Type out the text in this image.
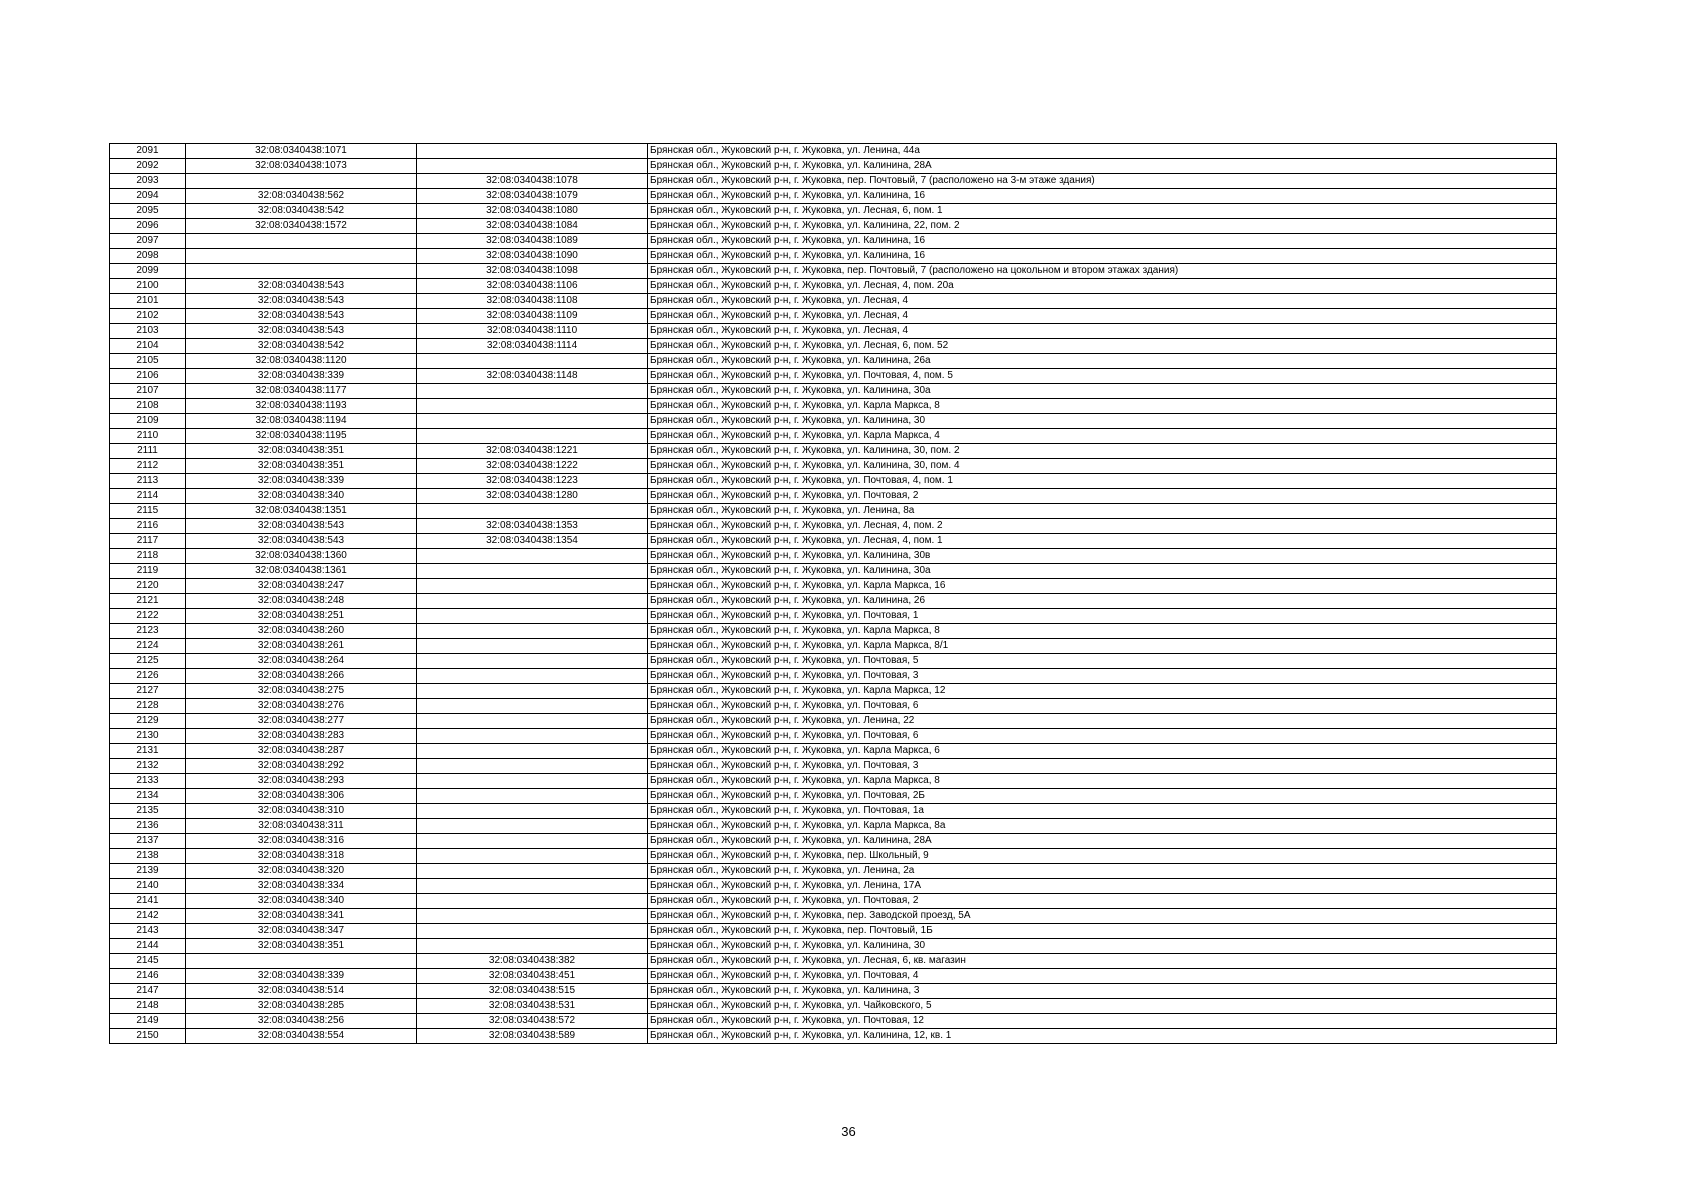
2091	32:08:0340438:1071		Брянская обл., Жуковский р-н, г. Жуковка, ул. Ленина, 44а
2092	32:08:0340438:1073		Брянская обл., Жуковский р-н, г. Жуковка, ул. Калинина, 28А
2093		32:08:0340438:1078	Брянская обл., Жуковский р-н, г. Жуковка, пер. Почтовый, 7 (расположено на 3-м этаже здания)
2094	32:08:0340438:562	32:08:0340438:1079	Брянская обл., Жуковский р-н, г. Жуковка, ул. Калинина, 16
2095	32:08:0340438:542	32:08:0340438:1080	Брянская обл., Жуковский р-н, г. Жуковка, ул. Лесная, 6, пом. 1
2096	32:08:0340438:1572	32:08:0340438:1084	Брянская обл., Жуковский р-н, г. Жуковка, ул. Калинина, 22, пом. 2
2097		32:08:0340438:1089	Брянская обл., Жуковский р-н, г. Жуковка, ул. Калинина, 16
2098		32:08:0340438:1090	Брянская обл., Жуковский р-н, г. Жуковка, ул. Калинина, 16
2099		32:08:0340438:1098	Брянская обл., Жуковский р-н, г. Жуковка, пер. Почтовый, 7 (расположено на цокольном и втором этажах здания)
2100	32:08:0340438:543	32:08:0340438:1106	Брянская обл., Жуковский р-н, г. Жуковка, ул. Лесная, 4, пом. 20а
2101	32:08:0340438:543	32:08:0340438:1108	Брянская обл., Жуковский р-н, г. Жуковка, ул. Лесная, 4
2102	32:08:0340438:543	32:08:0340438:1109	Брянская обл., Жуковский р-н, г. Жуковка, ул. Лесная, 4
2103	32:08:0340438:543	32:08:0340438:1110	Брянская обл., Жуковский р-н, г. Жуковка, ул. Лесная, 4
2104	32:08:0340438:542	32:08:0340438:1114	Брянская обл., Жуковский р-н, г. Жуковка, ул. Лесная, 6, пом. 52
2105	32:08:0340438:1120		Брянская обл., Жуковский р-н, г. Жуковка, ул. Калинина, 26а
2106	32:08:0340438:339	32:08:0340438:1148	Брянская обл., Жуковский р-н, г. Жуковка, ул. Почтовая, 4, пом. 5
2107	32:08:0340438:1177		Брянская обл., Жуковский р-н, г. Жуковка, ул. Калинина, 30а
2108	32:08:0340438:1193		Брянская обл., Жуковский р-н, г. Жуковка, ул. Карла Маркса, 8
2109	32:08:0340438:1194		Брянская обл., Жуковский р-н, г. Жуковка, ул. Калинина, 30
2110	32:08:0340438:1195		Брянская обл., Жуковский р-н, г. Жуковка, ул. Карла Маркса, 4
2111	32:08:0340438:351	32:08:0340438:1221	Брянская обл., Жуковский р-н, г. Жуковка, ул. Калинина, 30, пом. 2
2112	32:08:0340438:351	32:08:0340438:1222	Брянская обл., Жуковский р-н, г. Жуковка, ул. Калинина, 30, пом. 4
2113	32:08:0340438:339	32:08:0340438:1223	Брянская обл., Жуковский р-н, г. Жуковка, ул. Почтовая, 4, пом. 1
2114	32:08:0340438:340	32:08:0340438:1280	Брянская обл., Жуковский р-н, г. Жуковка, ул. Почтовая, 2
2115	32:08:0340438:1351		Брянская обл., Жуковский р-н, г. Жуковка, ул. Ленина, 8а
2116	32:08:0340438:543	32:08:0340438:1353	Брянская обл., Жуковский р-н, г. Жуковка, ул. Лесная, 4, пом. 2
2117	32:08:0340438:543	32:08:0340438:1354	Брянская обл., Жуковский р-н, г. Жуковка, ул. Лесная, 4, пом. 1
2118	32:08:0340438:1360		Брянская обл., Жуковский р-н, г. Жуковка, ул. Калинина, 30в
2119	32:08:0340438:1361		Брянская обл., Жуковский р-н, г. Жуковка, ул. Калинина, 30а
2120	32:08:0340438:247		Брянская обл., Жуковский р-н, г. Жуковка, ул. Карла Маркса, 16
2121	32:08:0340438:248		Брянская обл., Жуковский р-н, г. Жуковка, ул. Калинина, 26
2122	32:08:0340438:251		Брянская обл., Жуковский р-н, г. Жуковка, ул. Почтовая, 1
2123	32:08:0340438:260		Брянская обл., Жуковский р-н, г. Жуковка, ул. Карла Маркса, 8
2124	32:08:0340438:261		Брянская обл., Жуковский р-н, г. Жуковка, ул. Карла Маркса, 8/1
2125	32:08:0340438:264		Брянская обл., Жуковский р-н, г. Жуковка, ул. Почтовая, 5
2126	32:08:0340438:266		Брянская обл., Жуковский р-н, г. Жуковка, ул. Почтовая, 3
2127	32:08:0340438:275		Брянская обл., Жуковский р-н, г. Жуковка, ул. Карла Маркса, 12
2128	32:08:0340438:276		Брянская обл., Жуковский р-н, г. Жуковка, ул. Почтовая, 6
2129	32:08:0340438:277		Брянская обл., Жуковский р-н, г. Жуковка, ул. Ленина, 22
2130	32:08:0340438:283		Брянская обл., Жуковский р-н, г. Жуковка, ул. Почтовая, 6
2131	32:08:0340438:287		Брянская обл., Жуковский р-н, г. Жуковка, ул. Карла Маркса, 6
2132	32:08:0340438:292		Брянская обл., Жуковский р-н, г. Жуковка, ул. Почтовая, 3
2133	32:08:0340438:293		Брянская обл., Жуковский р-н, г. Жуковка, ул. Карла Маркса, 8
2134	32:08:0340438:306		Брянская обл., Жуковский р-н, г. Жуковка, ул. Почтовая, 2Б
2135	32:08:0340438:310		Брянская обл., Жуковский р-н, г. Жуковка, ул. Почтовая, 1а
2136	32:08:0340438:311		Брянская обл., Жуковский р-н, г. Жуковка, ул. Карла Маркса, 8а
2137	32:08:0340438:316		Брянская обл., Жуковский р-н, г. Жуковка, ул. Калинина, 28А
2138	32:08:0340438:318		Брянская обл., Жуковский р-н, г. Жуковка, пер. Школьный, 9
2139	32:08:0340438:320		Брянская обл., Жуковский р-н, г. Жуковка, ул. Ленина, 2а
2140	32:08:0340438:334		Брянская обл., Жуковский р-н, г. Жуковка, ул. Ленина, 17А
2141	32:08:0340438:340		Брянская обл., Жуковский р-н, г. Жуковка, ул. Почтовая, 2
2142	32:08:0340438:341		Брянская обл., Жуковский р-н, г. Жуковка, пер. Заводской проезд, 5А
2143	32:08:0340438:347		Брянская обл., Жуковский р-н, г. Жуковка, пер. Почтовый, 1Б
2144	32:08:0340438:351		Брянская обл., Жуковский р-н, г. Жуковка, ул. Калинина, 30
2145		32:08:0340438:382	Брянская обл., Жуковский р-н, г. Жуковка, ул. Лесная, 6, кв. магазин
2146	32:08:0340438:339	32:08:0340438:451	Брянская обл., Жуковский р-н, г. Жуковка, ул. Почтовая, 4
2147	32:08:0340438:514	32:08:0340438:515	Брянская обл., Жуковский р-н, г. Жуковка, ул. Калинина, 3
2148	32:08:0340438:285	32:08:0340438:531	Брянская обл., Жуковский р-н, г. Жуковка, ул. Чайковского, 5
2149	32:08:0340438:256	32:08:0340438:572	Брянская обл., Жуковский р-н, г. Жуковка, ул. Почтовая, 12
2150	32:08:0340438:554	32:08:0340438:589	Брянская обл., Жуковский р-н, г. Жуковка, ул. Калинина, 12, кв. 1
36
